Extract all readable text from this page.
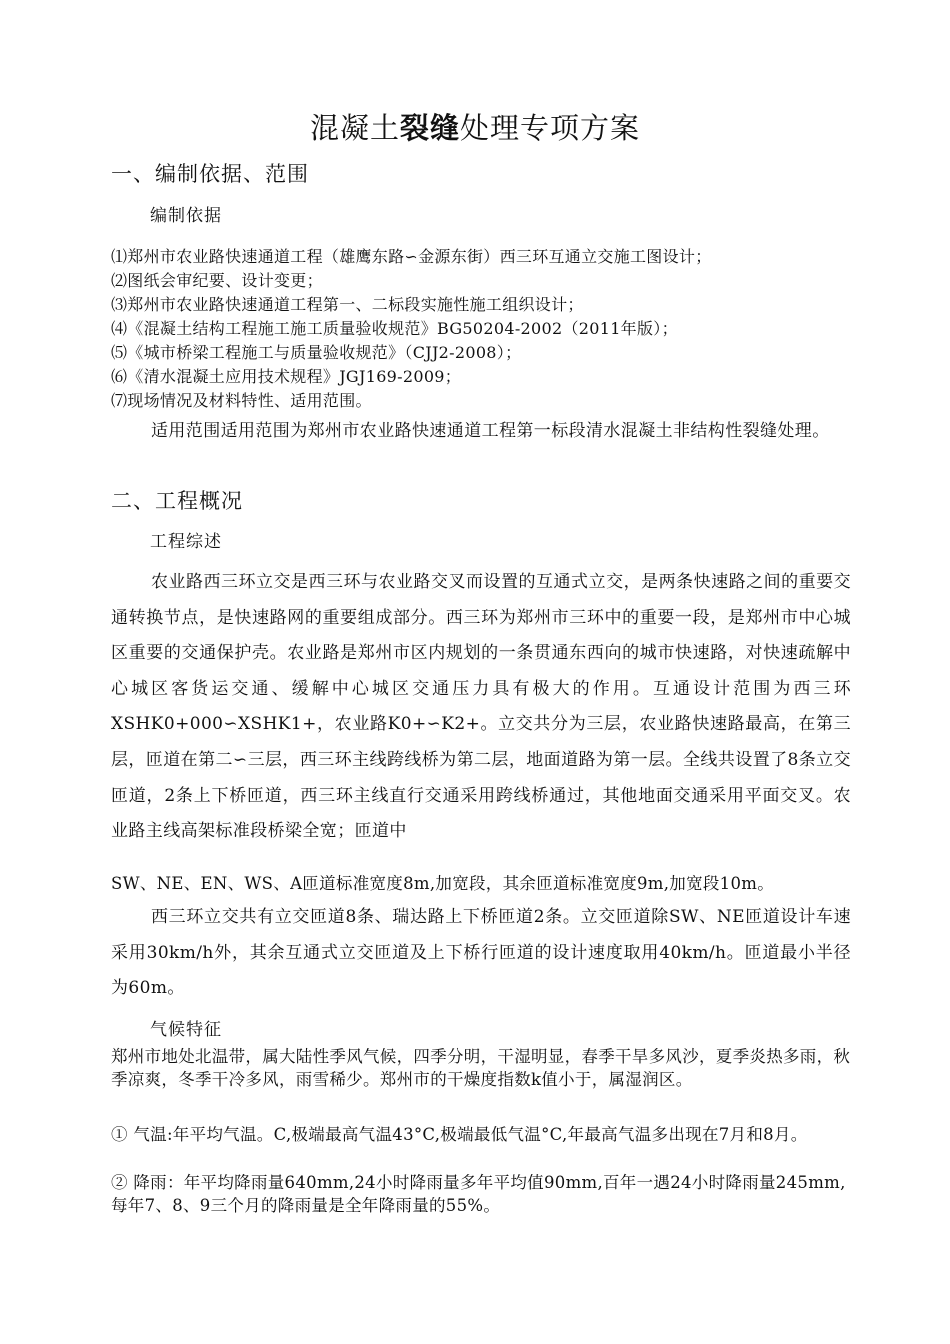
混凝土裂缝处理专项方案
一、编制依据、范围
编制依据
⑴郑州市农业路快速通道工程（雄鹰东路∽金源东街）西三环互通立交施工图设计；
⑵图纸会审纪要、设计变更；
⑶郑州市农业路快速通道工程第一、二标段实施性施工组织设计；
⑷《混凝土结构工程施工施工质量验收规范》BG50204-2002（2011年版）；
⑸《城市桥梁工程施工与质量验收规范》（CJJ2-2008）；
⑹《清水混凝土应用技术规程》JGJ169-2009；
⑺现场情况及材料特性、适用范围。
适用范围适用范围为郑州市农业路快速通道工程第一标段清水混凝土非结构性裂缝处理。
二、工程概况
工程综述
农业路西三环立交是西三环与农业路交叉而设置的互通式立交，是两条快速路之间的重要交通转换节点，是快速路网的重要组成部分。西三环为郑州市三环中的重要一段，是郑州市中心城区重要的交通保护壳。农业路是郑州市区内规划的一条贯通东西向的城市快速路，对快速疏解中心城区客货运交通、缓解中心城区交通压力具有极大的作用。互通设计范围为西三环XSHK0+000∽XSHK1+，农业路K0+∽K2+。立交共分为三层，农业路快速路最高，在第三层，匝道在第二∽三层，西三环主线跨线桥为第二层，地面道路为第一层。全线共设置了8条立交匝道，2条上下桥匝道，西三环主线直行交通采用跨线桥通过，其他地面交通采用平面交叉。农业路主线高架标准段桥梁全宽；匝道中
SW、NE、EN、WS、A匝道标准宽度8m,加宽段，其余匝道标准宽度9m,加宽段10m。
西三环立交共有立交匝道8条、瑞达路上下桥匝道2条。立交匝道除SW、NE匝道设计车速采用30km/h外，其余互通式立交匝道及上下桥行匝道的设计速度取用40km/h。匝道最小半径为60m。
气候特征
郑州市地处北温带，属大陆性季风气候，四季分明，干湿明显，春季干旱多风沙，夏季炎热多雨，秋季凉爽，冬季干冷多风，雨雪稀少。郑州市的干燥度指数k值小于，属湿润区。
① 气温:年平均气温。C,极端最高气温43°C,极端最低气温°C,年最高气温多出现在7月和8月。
② 降雨：年平均降雨量640mm,24小时降雨量多年平均值90mm,百年一遇24小时降雨量245mm,每年7、8、9三个月的降雨量是全年降雨量的55%。
